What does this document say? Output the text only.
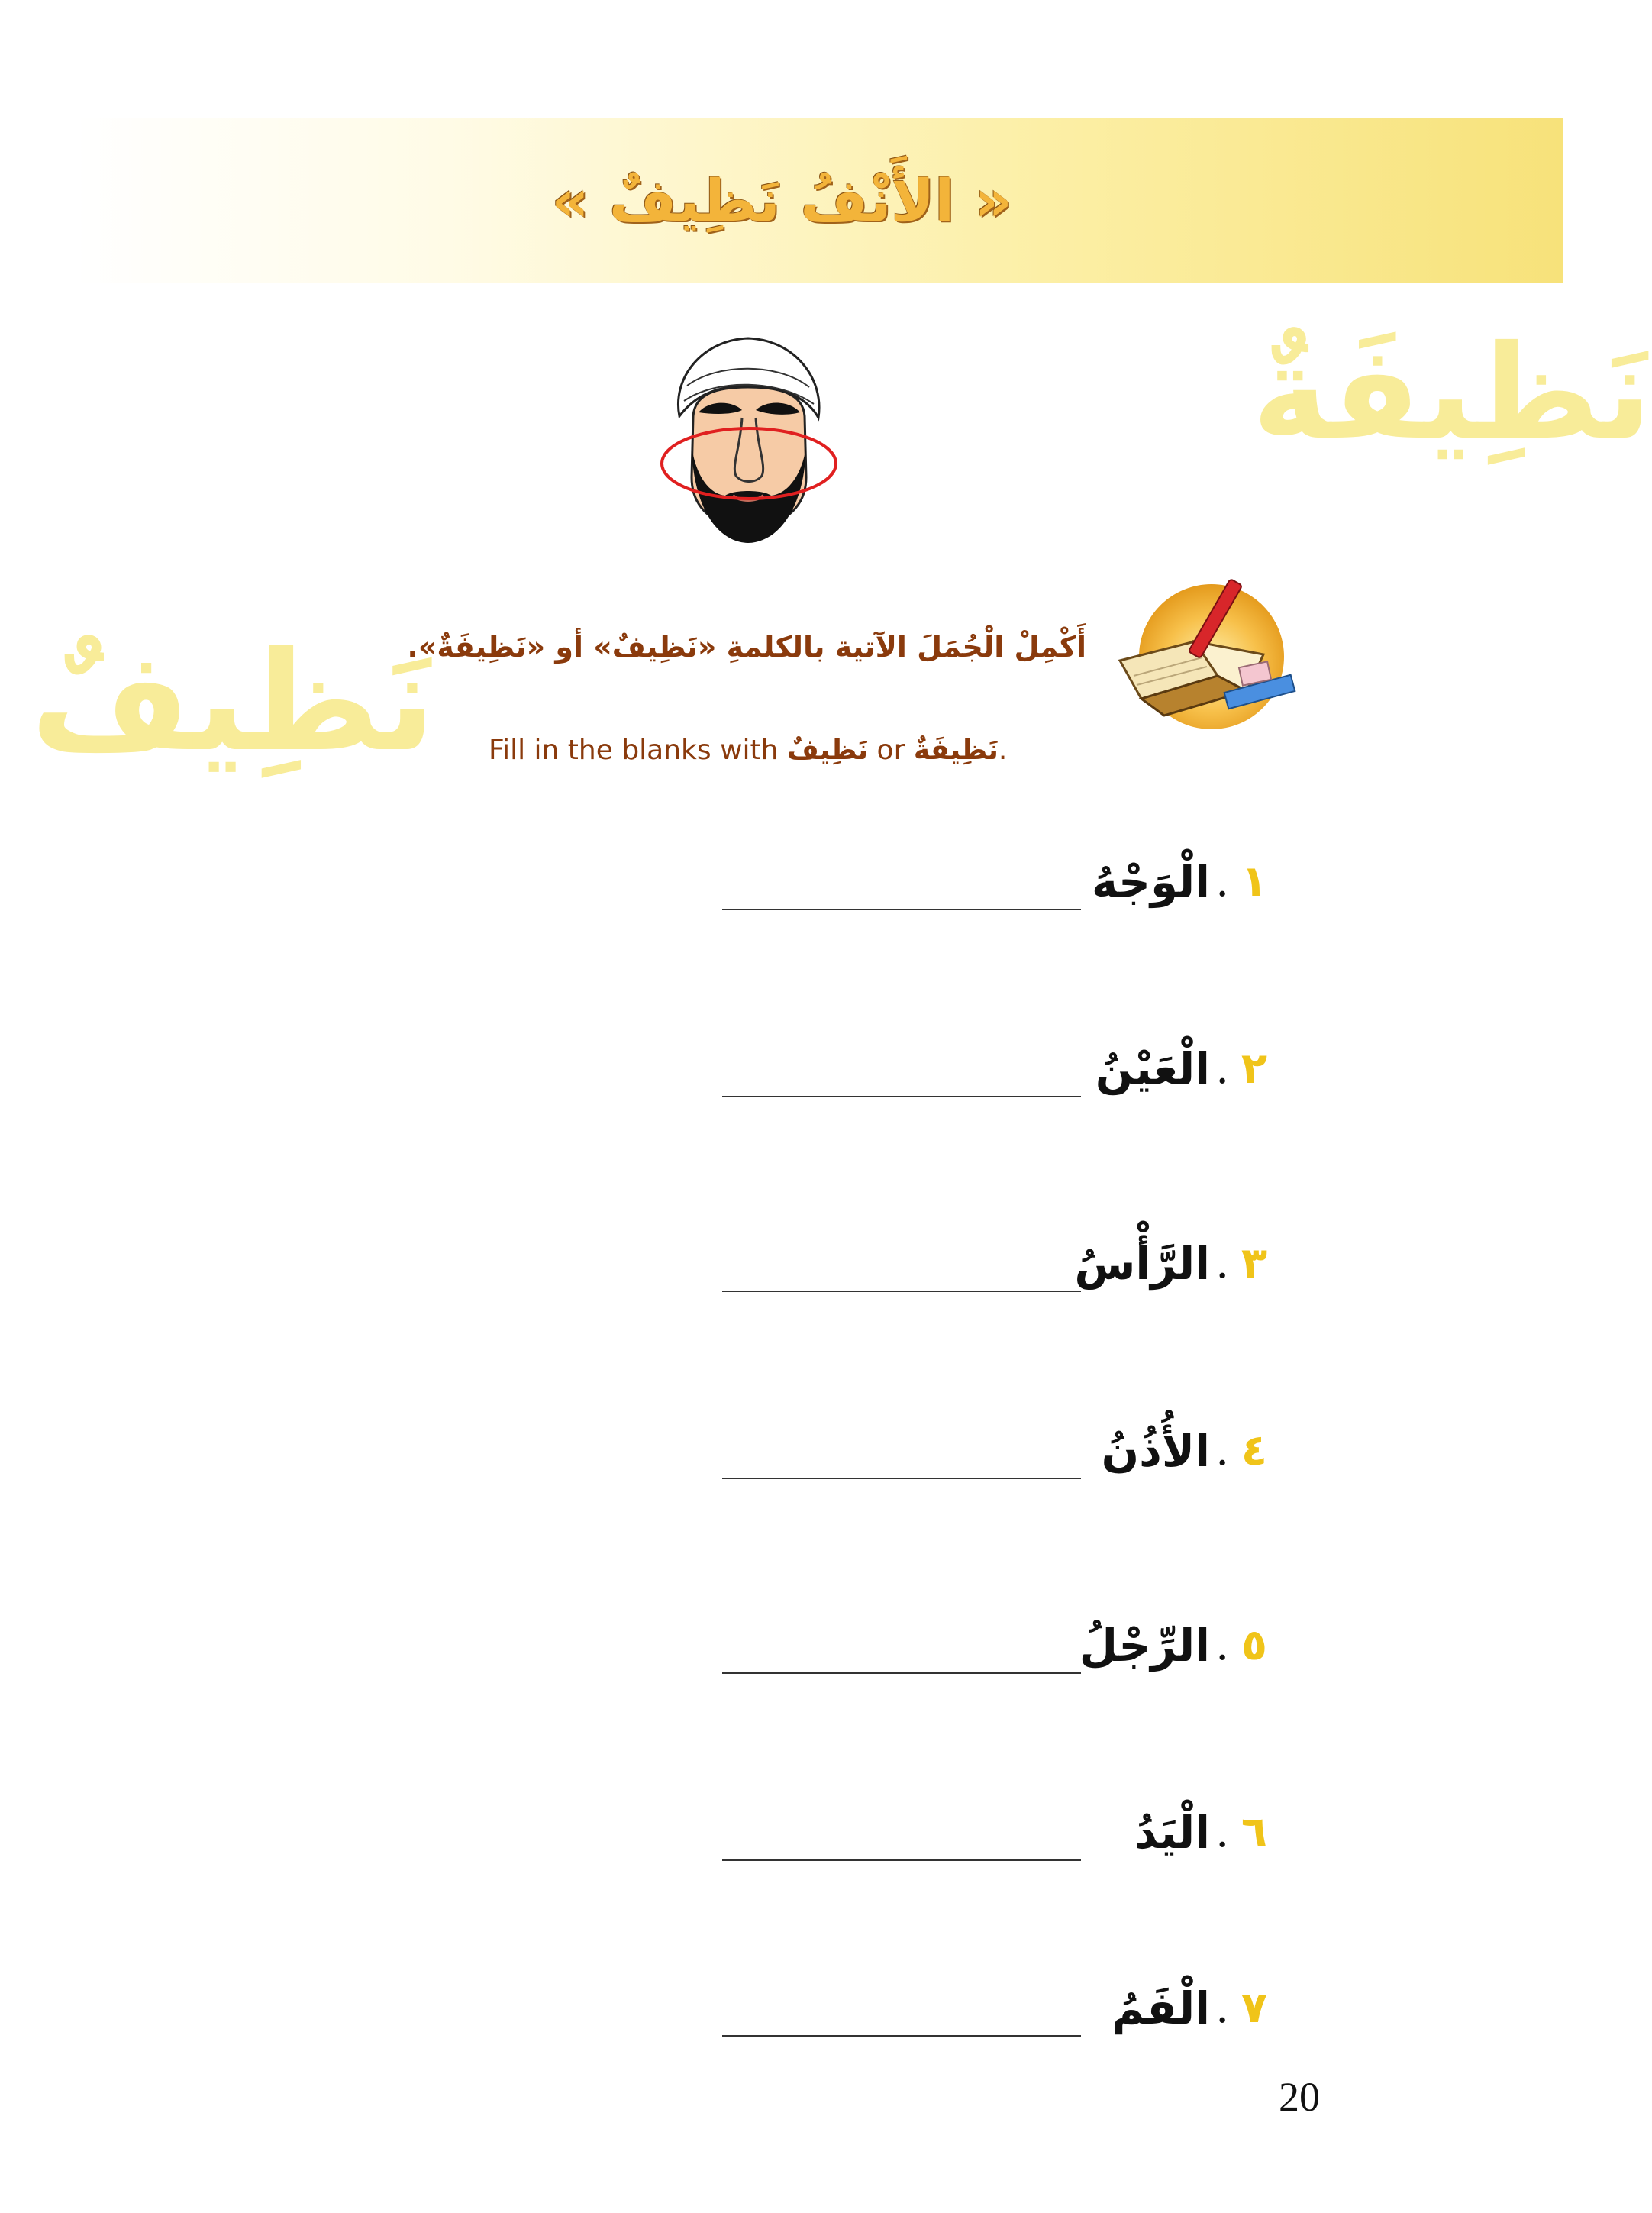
« الأَنْفُ نَظِيفٌ »
نَظِيفَةٌ
نَظِيفٌ
أَكْمِلْ الْجُمَلَ الآتية بالكلمةِ «نَظِيفٌ» أو «نَظِيفَةٌ».
Fill in the blanks with نَظِيفٌ or نَظِيفَةٌ.
١
.
الْوَجْهُ
٢
.
الْعَيْنُ
٣
.
الرَّأْسُ
٤
.
الأُذُنُ
٥
.
الرِّجْلُ
٦
.
الْيَدُ
٧
.
الْفَمُ
20
